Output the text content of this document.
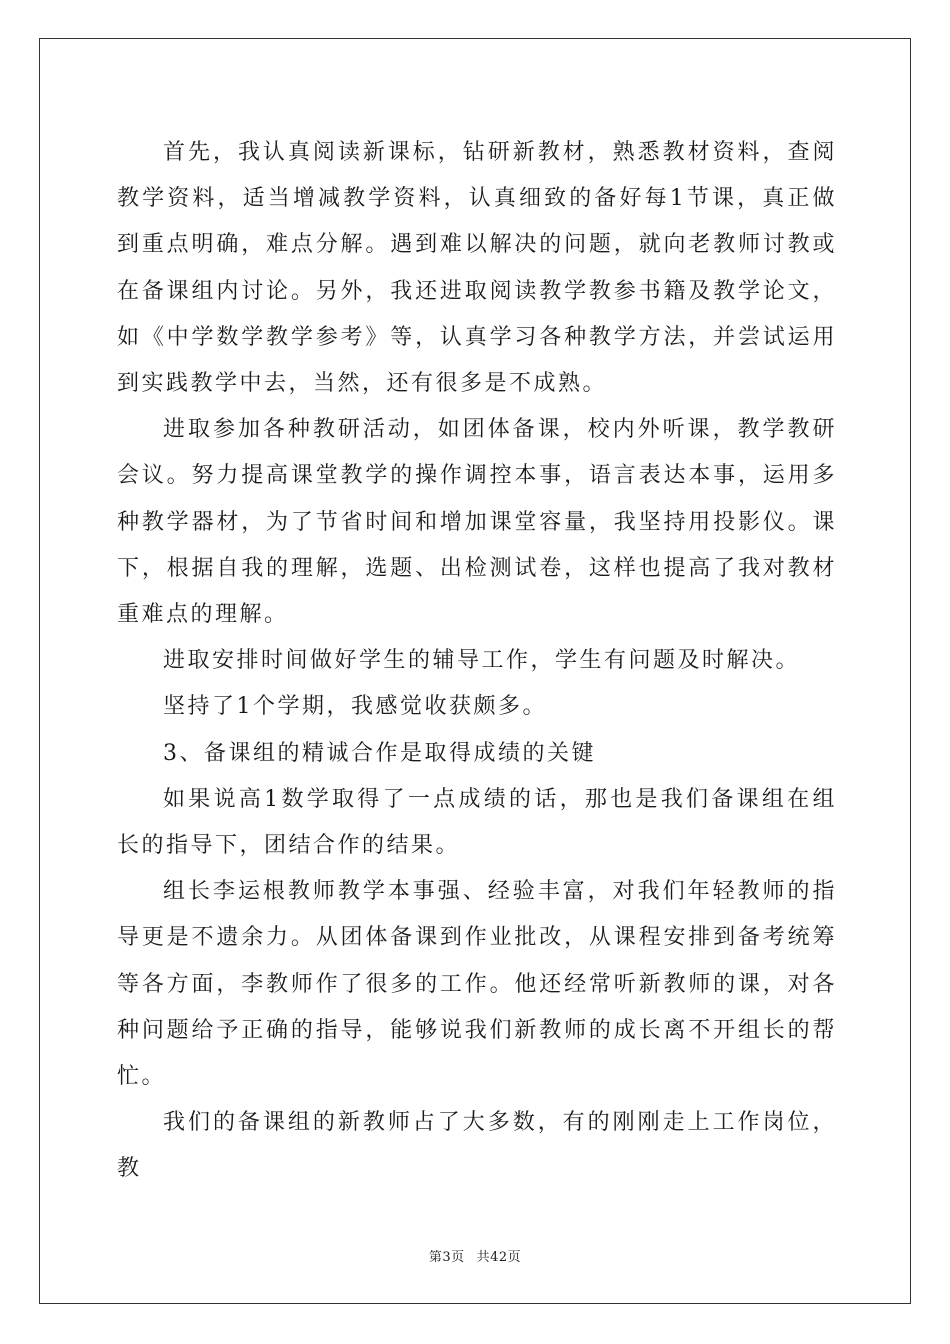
首先，我认真阅读新课标，钻研新教材，熟悉教材资料，查阅教学资料，适当增减教学资料，认真细致的备好每1节课，真正做到重点明确，难点分解。遇到难以解决的问题，就向老教师讨教或在备课组内讨论。另外，我还进取阅读教学教参书籍及教学论文，如《中学数学教学参考》等，认真学习各种教学方法，并尝试运用到实践教学中去，当然，还有很多是不成熟。

进取参加各种教研活动，如团体备课，校内外听课，教学教研会议。努力提高课堂教学的操作调控本事，语言表达本事，运用多种教学器材，为了节省时间和增加课堂容量，我坚持用投影仪。课下，根据自我的理解，选题、出检测试卷，这样也提高了我对教材重难点的理解。

进取安排时间做好学生的辅导工作，学生有问题及时解决。

坚持了1个学期，我感觉收获颇多。

3、备课组的精诚合作是取得成绩的关键

如果说高1数学取得了一点成绩的话，那也是我们备课组在组长的指导下，团结合作的结果。

组长李运根教师教学本事强、经验丰富，对我们年轻教师的指导更是不遗余力。从团体备课到作业批改，从课程安排到备考统筹等各方面，李教师作了很多的工作。他还经常听新教师的课，对各种问题给予正确的指导，能够说我们新教师的成长离不开组长的帮忙。

我们的备课组的新教师占了大多数，有的刚刚走上工作岗位，教

第3页 共42页
